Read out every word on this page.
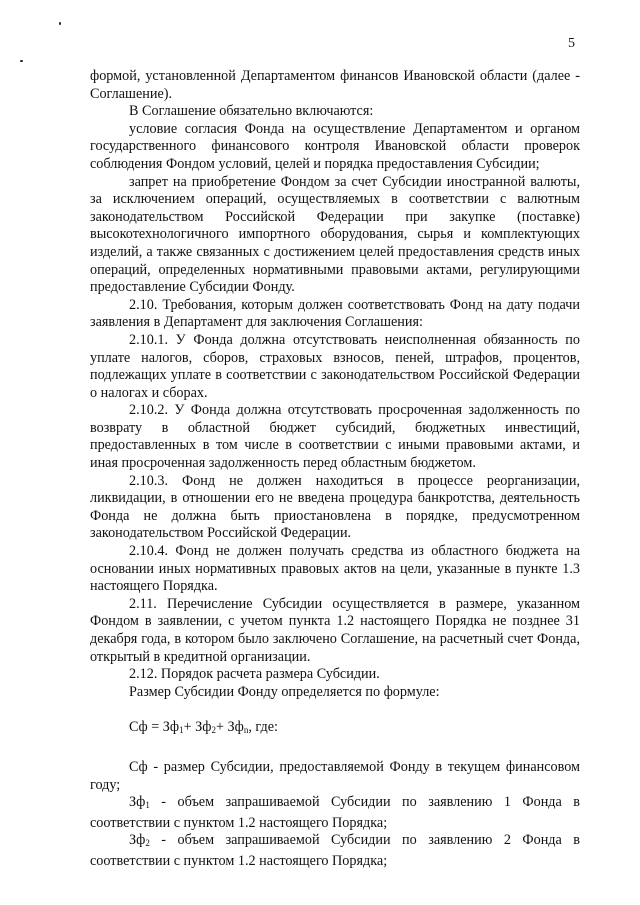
5

формой, установленной Департаментом финансов Ивановской области (далее - Соглашение).

В Соглашение обязательно включаются:

условие согласия Фонда на осуществление Департаментом и органом государственного финансового контроля Ивановской области проверок соблюдения Фондом условий, целей и порядка предоставления Субсидии;

запрет на приобретение Фондом за счет Субсидии иностранной валюты, за исключением операций, осуществляемых в соответствии с валютным законодательством Российской Федерации при закупке (поставке) высокотехнологичного импортного оборудования, сырья и комплектующих изделий, а также связанных с достижением целей предоставления средств иных операций, определенных нормативными правовыми актами, регулирующими предоставление Субсидии Фонду.

2.10. Требования, которым должен соответствовать Фонд на дату подачи заявления в Департамент для заключения Соглашения:

2.10.1. У Фонда должна отсутствовать неисполненная обязанность по уплате налогов, сборов, страховых взносов, пеней, штрафов, процентов, подлежащих уплате в соответствии с законодательством Российской Федерации о налогах и сборах.

2.10.2. У Фонда должна отсутствовать просроченная задолженность по возврату в областной бюджет субсидий, бюджетных инвестиций, предоставленных в том числе в соответствии с иными правовыми актами, и иная просроченная задолженность перед областным бюджетом.

2.10.3. Фонд не должен находиться в процессе реорганизации, ликвидации, в отношении его не введена процедура банкротства, деятельность Фонда не должна быть приостановлена в порядке, предусмотренном законодательством Российской Федерации.

2.10.4. Фонд не должен получать средства из областного бюджета на основании иных нормативных правовых актов на цели, указанные в пункте 1.3 настоящего Порядка.

2.11. Перечисление Субсидии осуществляется в размере, указанном Фондом в заявлении, с учетом пункта 1.2 настоящего Порядка не позднее 31 декабря года, в котором было заключено Соглашение, на расчетный счет Фонда, открытый в кредитной организации.

2.12. Порядок расчета размера Субсидии.

Размер Субсидии Фонду определяется по формуле:

Сф = $Зф_1+ Зф_2+ Зф_n$, где:

Сф - размер Субсидии, предоставляемой Фонду в текущем финансовом году;

$Зф_1$ - объем запрашиваемой Субсидии по заявлению 1 Фонда в соответствии с пунктом 1.2 настоящего Порядка;

$Зф_2$ - объем запрашиваемой Субсидии по заявлению 2 Фонда в соответствии с пунктом 1.2 настоящего Порядка;
